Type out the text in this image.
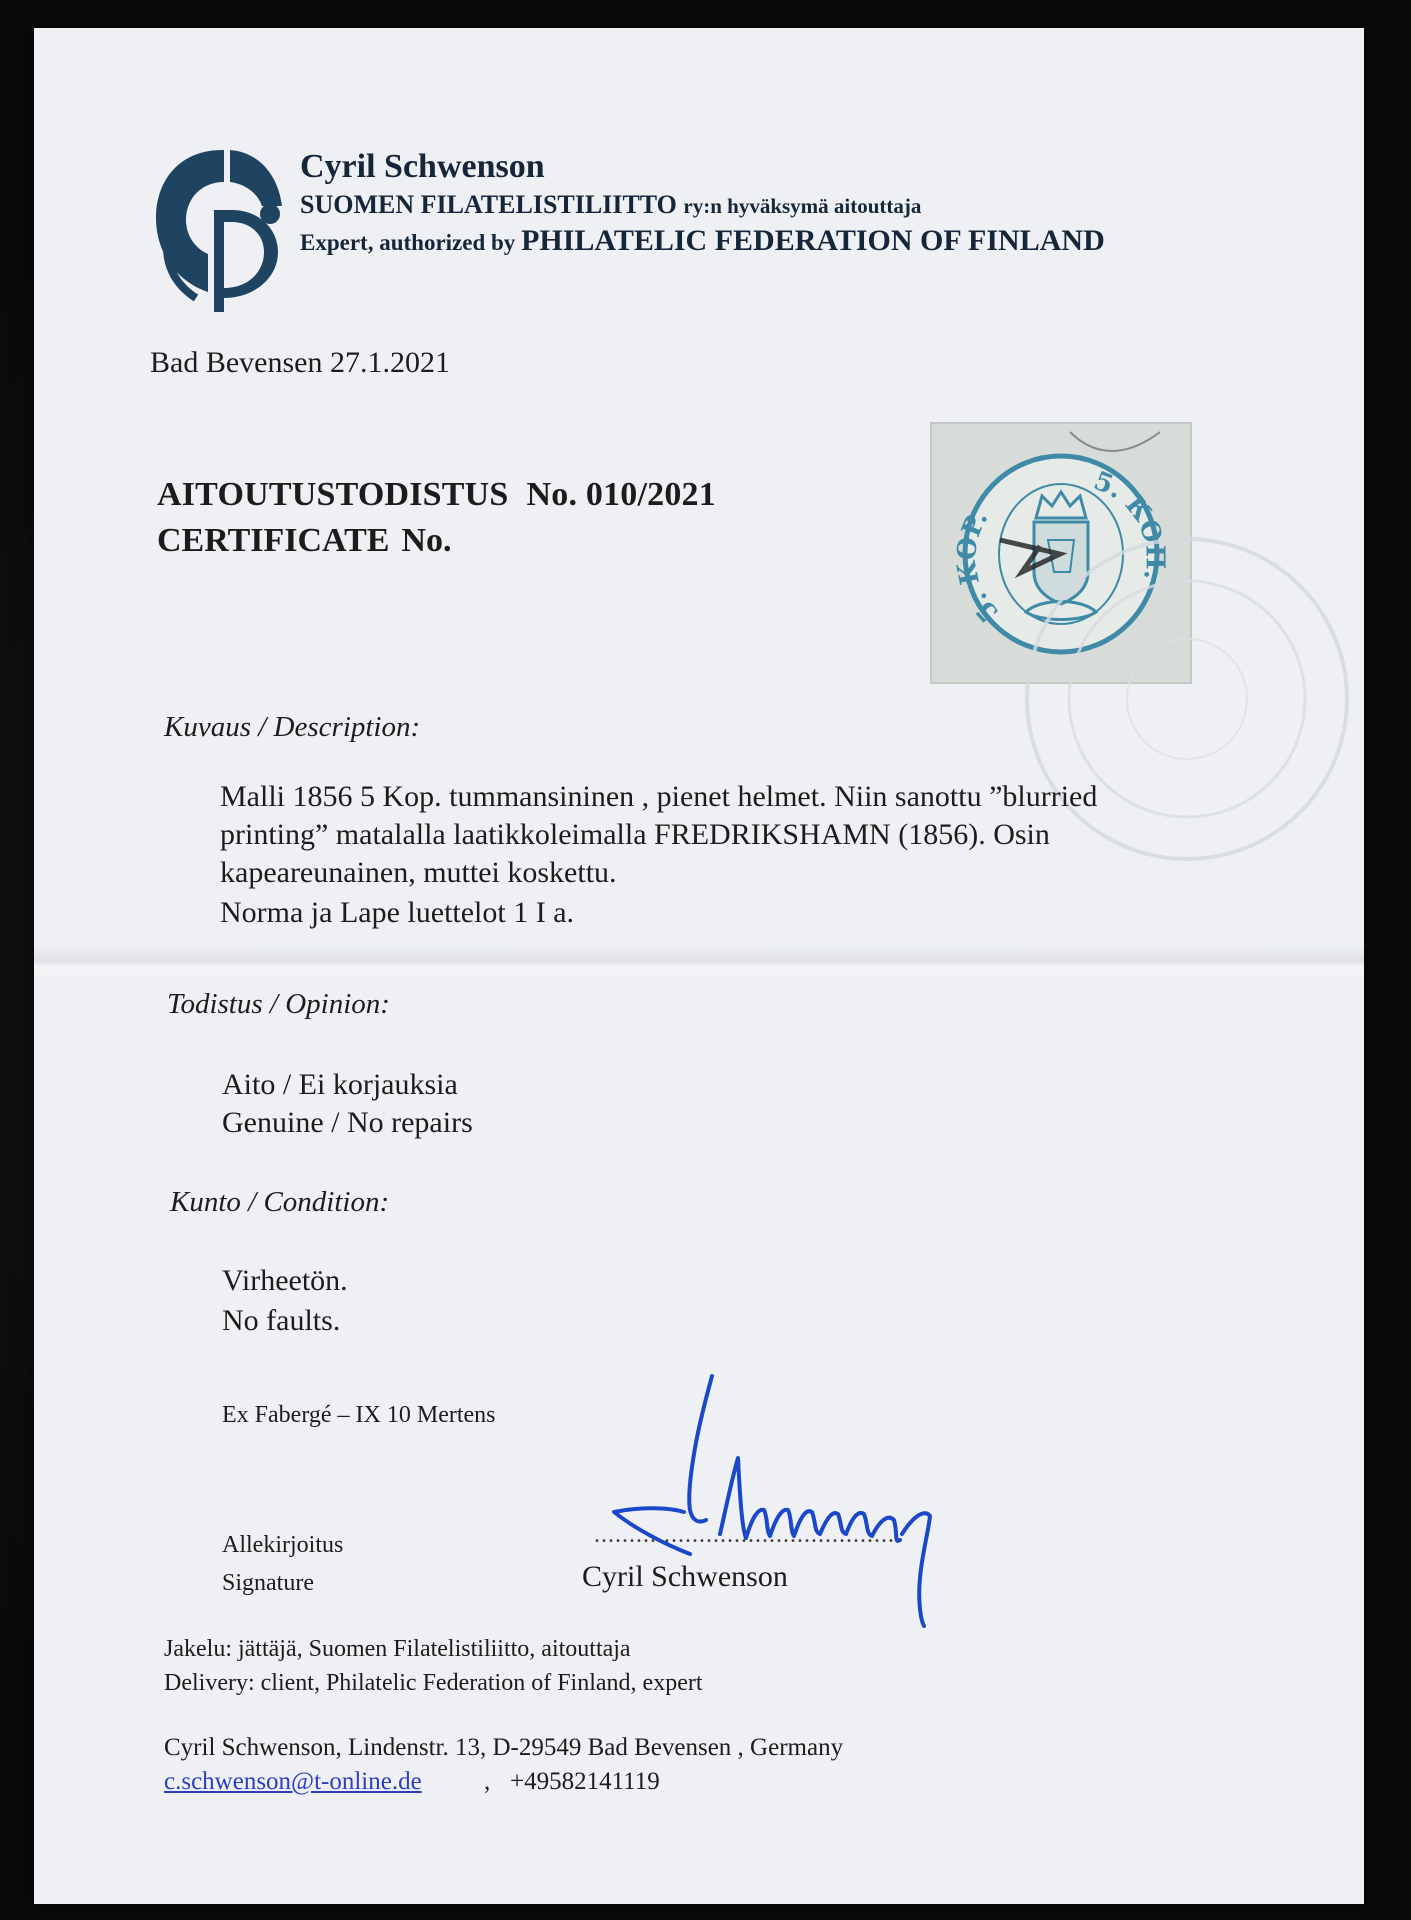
Cyril Schwenson
SUOMEN FILATELISTILIITTO ry:n hyväksymä aitouttaja
Expert, authorized by PHILATELIC FEDERATION OF FINLAND
Bad Bevensen 27.1.2021
AITOUTUSTODISTUS No. 010/2021
CERTIFICATE No.
5. KOP.
5. КОП.
Kuvaus / Description:
Malli 1856 5 Kop. tummansininen , pienet helmet. Niin sanottu ”blurried
printing” matalalla laatikkoleimalla FREDRIKSHAMN (1856). Osin
kapeareunainen, muttei koskettu.
Norma ja Lape luettelot 1 I a.
Todistus / Opinion:
Aito / Ei korjauksia
Genuine / No repairs
Kunto / Condition:
Virheetön.
No faults.
Ex Fabergé – IX 10 Mertens
Allekirjoitus
Signature
...........................................
Cyril Schwenson
Jakelu: jättäjä, Suomen Filatelistiliitto, aitouttaja
Delivery: client, Philatelic Federation of Finland, expert
Cyril Schwenson, Lindenstr. 13, D-29549 Bad Bevensen , Germany
c.schwenson@t-online.de , +49582141119
